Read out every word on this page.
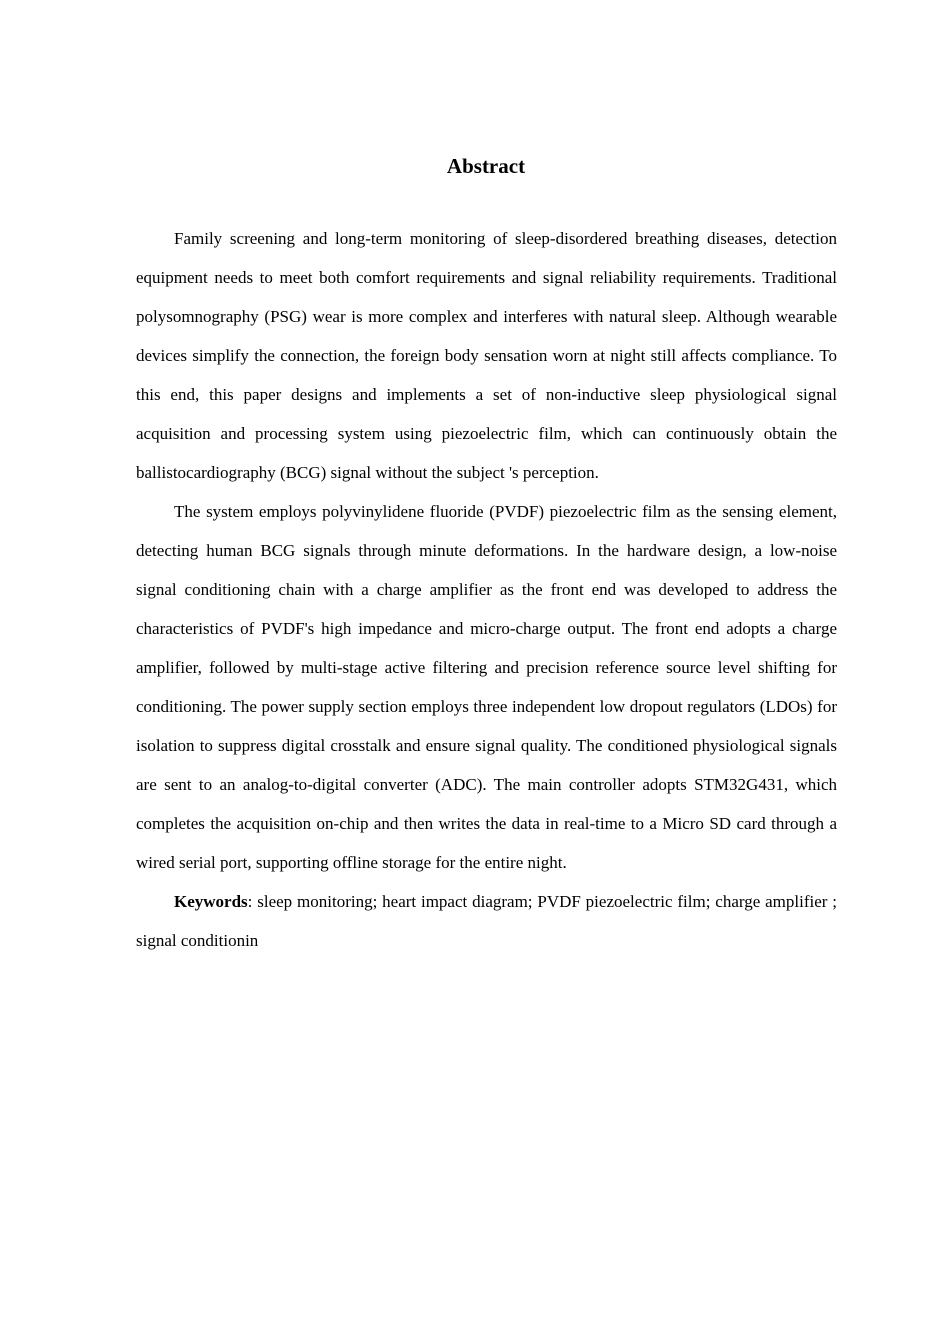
Abstract

Family screening and long-term monitoring of sleep-disordered breathing diseases, detection equipment needs to meet both comfort requirements and signal reliability requirements. Traditional polysomnography (PSG) wear is more complex and interferes with natural sleep. Although wearable devices simplify the connection, the foreign body sensation worn at night still affects compliance. To this end, this paper designs and implements a set of non-inductive sleep physiological signal acquisition and processing system using piezoelectric film, which can continuously obtain the ballistocardiography (BCG) signal without the subject 's perception.

The system employs polyvinylidene fluoride (PVDF) piezoelectric film as the sensing element, detecting human BCG signals through minute deformations. In the hardware design, a low-noise signal conditioning chain with a charge amplifier as the front end was developed to address the characteristics of PVDF's high impedance and micro-charge output. The front end adopts a charge amplifier, followed by multi-stage active filtering and precision reference source level shifting for conditioning. The power supply section employs three independent low dropout regulators (LDOs) for isolation to suppress digital crosstalk and ensure signal quality. The conditioned physiological signals are sent to an analog-to-digital converter (ADC). The main controller adopts STM32G431, which completes the acquisition on-chip and then writes the data in real-time to a Micro SD card through a wired serial port, supporting offline storage for the entire night.

Keywords: sleep monitoring; heart impact diagram; PVDF piezoelectric film; charge amplifier ; signal conditionin
